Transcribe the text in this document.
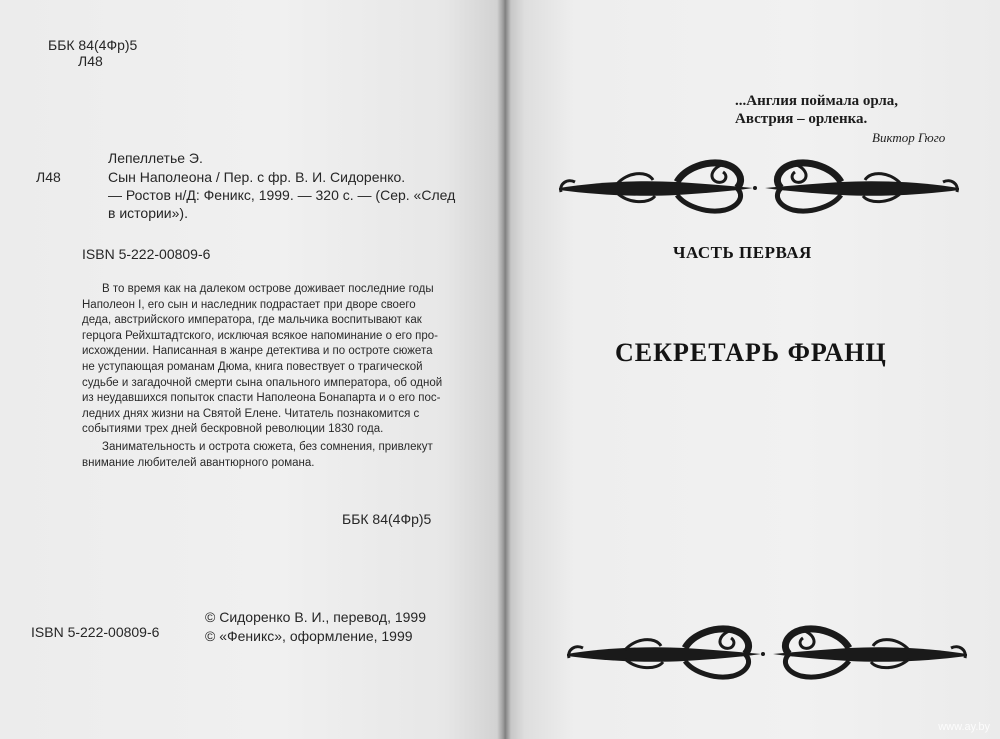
ББК 84(4Фр)5
Л48
Лепеллетье Э.
Л48	Сын Наполеона / Пер. с фр. В. И. Сидоренко.
— Ростов н/Д: Феникс, 1999. — 320 с. — (Сер. «След
в истории»).
ISBN 5-222-00809-6
В то время как на далеком острове доживает последние годы
Наполеон I, его сын и наследник подрастает при дворе своего
деда, австрийского императора, где мальчика воспитывают как
герцога Рейхштадтского, исключая всякое напоминание о его про-
исхождении. Написанная в жанре детектива и по остроте сюжета
не уступающая романам Дюма, книга повествует о трагической
судьбе и загадочной смерти сына опального императора, об одной
из неудавшихся попыток спасти Наполеона Бонапарта и о его пос-
ледних днях жизни на Святой Елене. Читатель познакомится с
событиями трех дней бескровной революции 1830 года.
Занимательность и острота сюжета, без сомнения, привлекут
внимание любителей авантюрного романа.
ББК 84(4Фр)5
ISBN 5-222-00809-6
© Сидоренко В. И., перевод, 1999
© «Феникс», оформление, 1999
...Англия поймала орла,
Австрия – орленка.
Виктор Гюго
ЧАСТЬ ПЕРВАЯ
СЕКРЕТАРЬ ФРАНЦ
www.ay.by
